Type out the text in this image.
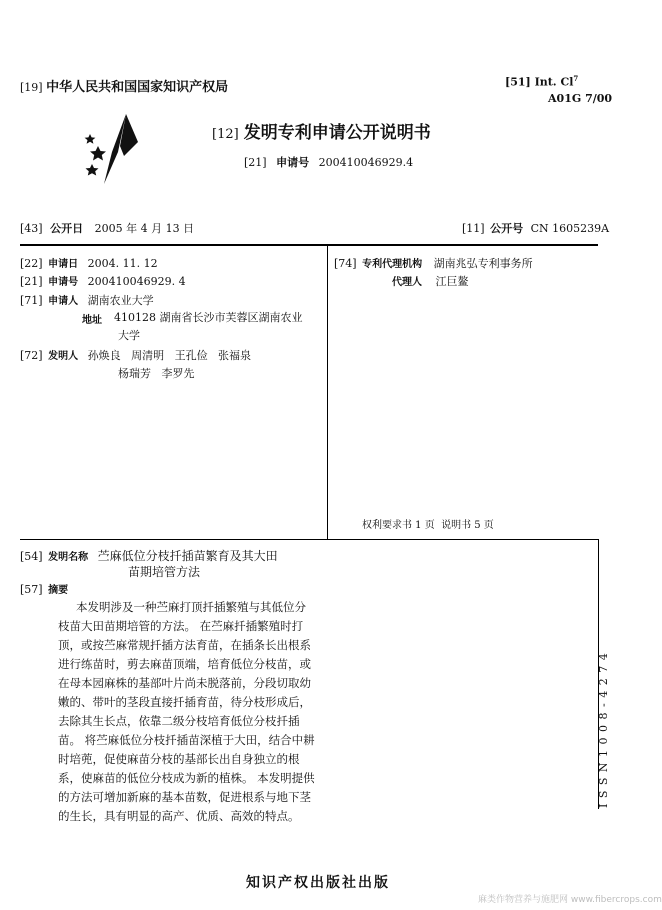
[19] 中华人民共和国国家知识产权局	[51] Int. Cl$^7$
A01G 7/00
[12] 发明专利申请公开说明书
[21] 申请号 200410046929.4
[43] 公开日 2005 年 4 月 13 日	[11] 公开号 CN 1605239A
[22] 申请日 2004. 11. 12
[21] 申请号 200410046929. 4
[71] 申请人 湖南农业大学
地址 410128 湖南省长沙市芙蓉区湖南农业
大学
[72] 发明人 孙焕良   周清明   王孔俭   张福泉
杨瑞芳   李罗先
[74] 专利代理机构 湖南兆弘专利事务所
代理人 江巨鳌
权利要求书 1 页  说明书 5 页
[54] 发明名称 苎麻低位分枝扦插苗繁育及其大田
苗期培管方法
[57] 摘要
本发明涉及一种苎麻打顶扦插繁殖与其低位分
枝苗大田苗期培管的方法。 在苎麻扦插繁殖时打
顶，或按苎麻常规扦插方法育苗，在插条长出根系
进行练苗时，剪去麻苗顶端，培育低位分枝苗，或
在母本园麻株的基部叶片尚未脱落前，分段切取幼
嫩的、带叶的茎段直接扦插育苗，待分枝形成后，
去除其生长点，依靠二级分枝培育低位分枝扦插
苗。 将苎麻低位分枝扦插苗深植于大田，结合中耕
时培蔸，促使麻苗分枝的基部长出自身独立的根
系，使麻苗的低位分枝成为新的植株。 本发明提供
的方法可增加新麻的基本苗数，促进根系与地下茎
的生长，具有明显的高产、优质、高效的特点。
I S S N 1 0 0 8 - 4 2 7 4
知识产权出版社出版
麻类作物营养与施肥网 www.fibercrops.com
